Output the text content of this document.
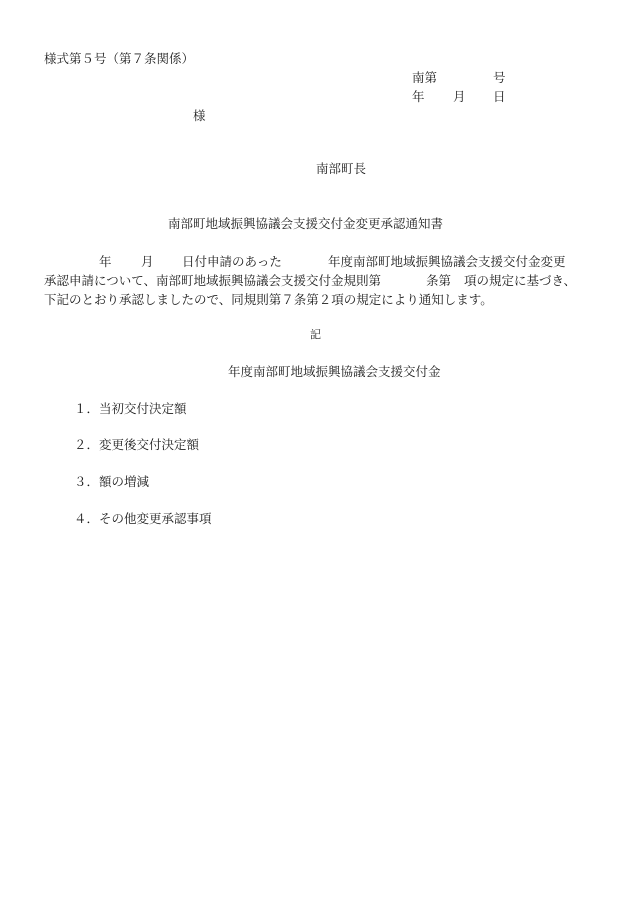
様式第５号（第７条関係）
南第	号
年 月 日
様
南部町長
南部町地域振興協議会支援交付金変更承認通知書
年 月 日付申請のあった	年度南部町地域振興協議会支援交付金変更
承認申請について、南部町地域振興協議会支援交付金規則第	条第 項の規定に基づき、
下記のとおり承認しましたので、同規則第７条第２項の規定により通知します。
記
年度南部町地域振興協議会支援交付金
１．当初交付決定額
２．変更後交付決定額
３．額の増減
４．その他変更承認事項
